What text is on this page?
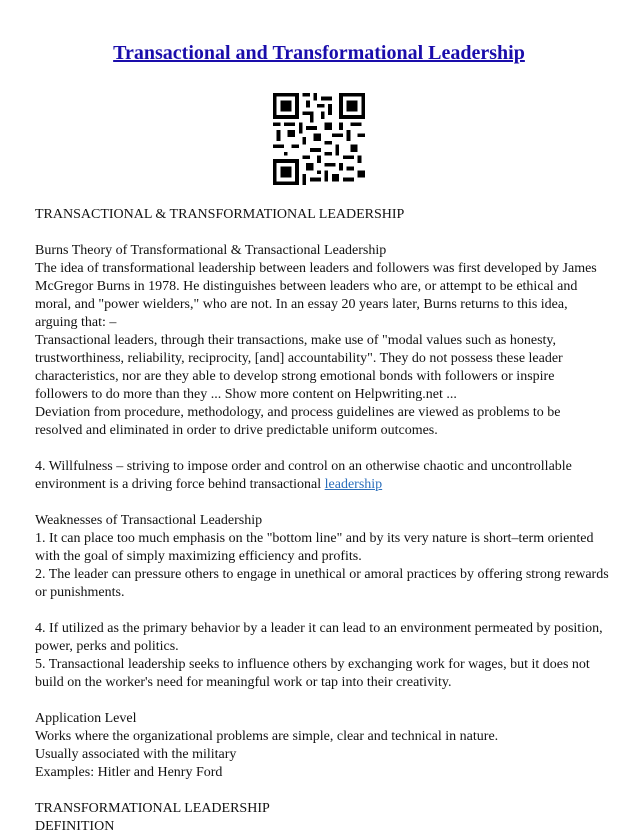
Transactional and Transformational Leadership

TRANSACTIONAL & TRANSFORMATIONAL LEADERSHIP

Burns Theory of Transformational & Transactional Leadership

The idea of transformational leadership between leaders and followers was first developed by James McGregor Burns in 1978. He distinguishes between leaders who are, or attempt to be ethical and moral, and "power wielders," who are not. In an essay 20 years later, Burns returns to this idea, arguing that: –

Transactional leaders, through their transactions, make use of "modal values such as honesty, trustworthiness, reliability, reciprocity, [and] accountability". They do not possess these leader characteristics, nor are they able to develop strong emotional bonds with followers or inspire followers to do more than they ... Show more content on Helpwriting.net ...

Deviation from procedure, methodology, and process guidelines are viewed as problems to be resolved and eliminated in order to drive predictable uniform outcomes.

4. Willfulness – striving to impose order and control on an otherwise chaotic and uncontrollable environment is a driving force behind transactional leadership

Weaknesses of Transactional Leadership

1. It can place too much emphasis on the "bottom line" and by its very nature is short–term oriented with the goal of simply maximizing efficiency and profits.

2. The leader can pressure others to engage in unethical or amoral practices by offering strong rewards or punishments.

4. If utilized as the primary behavior by a leader it can lead to an environment permeated by position, power, perks and politics.

5. Transactional leadership seeks to influence others by exchanging work for wages, but it does not build on the worker's need for meaningful work or tap into their creativity.

Application Level

Works where the organizational problems are simple, clear and technical in nature.

Usually associated with the military

Examples: Hitler and Henry Ford

TRANSFORMATIONAL LEADERSHIP

DEFINITION
